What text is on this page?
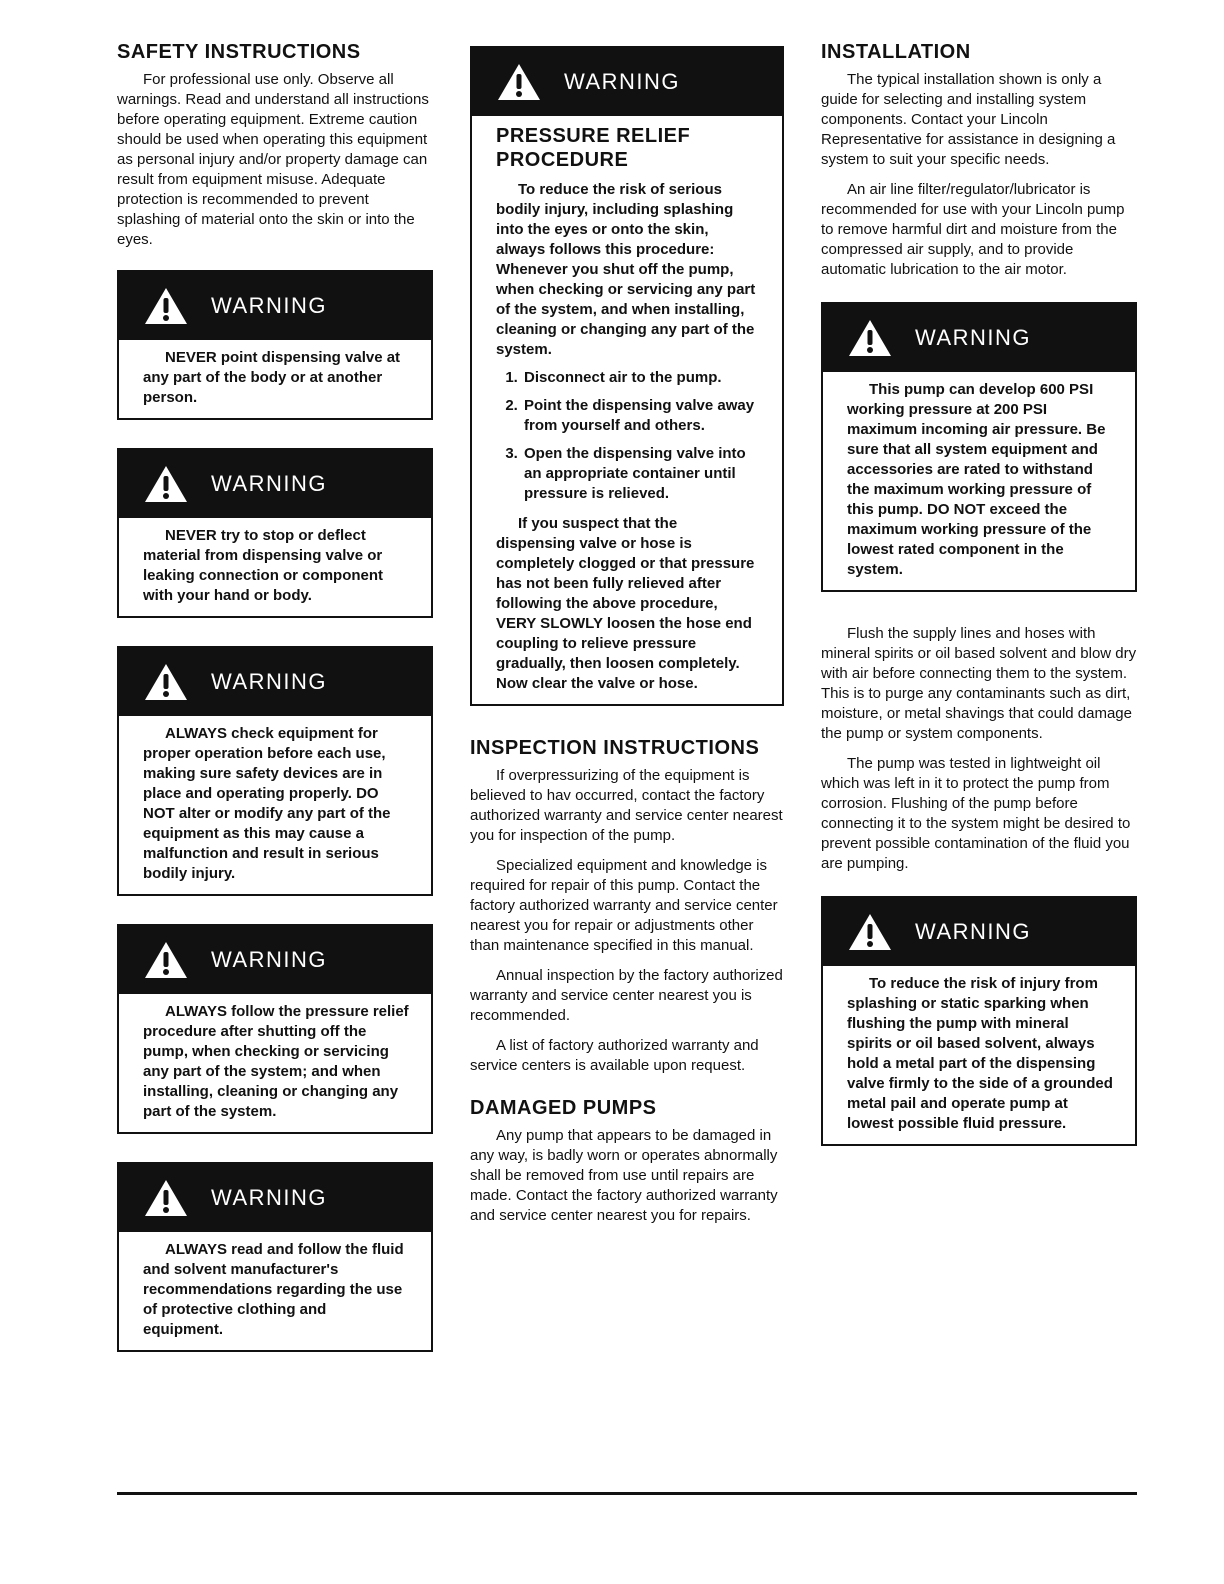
SAFETY INSTRUCTIONS

For professional use only. Observe all warnings. Read and understand all instructions before operating equipment. Extreme caution should be used when operating this equipment as personal injury and/or property damage can result from equipment misuse. Adequate protection is recommended to prevent splashing of material onto the skin or into the eyes.

WARNING

NEVER point dispensing valve at any part of the body or at another person.

WARNING

NEVER try to stop or deflect material from dispensing valve or leaking connection or component with your hand or body.

WARNING

ALWAYS check equipment for proper operation before each use, making sure safety devices are in place and operating properly. DO NOT alter or modify any part of the equipment as this may cause a malfunction and result in serious bodily injury.

WARNING

ALWAYS follow the pressure relief procedure after shutting off the pump, when checking or servicing any part of the system; and when installing, cleaning or changing any part of the system.

WARNING

ALWAYS read and follow the fluid and solvent manufacturer's recommendations regarding the use of protective clothing and equipment.

WARNING

PRESSURE RELIEF PROCEDURE

To reduce the risk of serious bodily injury, including splashing into the eyes or onto the skin, always follows this procedure: Whenever you shut off the pump, when checking or servicing any part of the system, and when installing, cleaning or changing any part of the system.

1. Disconnect air to the pump.
2. Point the dispensing valve away from yourself and others.
3. Open the dispensing valve into an appropriate container until pressure is relieved.

If you suspect that the dispensing valve or hose is completely clogged or that pressure has not been fully relieved after following the above procedure, VERY SLOWLY loosen the hose end coupling to relieve pressure gradually, then loosen completely. Now clear the valve or hose.

INSPECTION INSTRUCTIONS

If overpressurizing of the equipment is believed to hav occurred, contact the factory authorized warranty and service center nearest you for inspection of the pump.

Specialized equipment and knowledge is required for repair of this pump. Contact the factory authorized warranty and service center nearest you for repair or adjustments other than maintenance specified in this manual.

Annual inspection by the factory authorized warranty and service center nearest you is recommended.

A list of factory authorized warranty and service centers is available upon request.

DAMAGED PUMPS

Any pump that appears to be damaged in any way, is badly worn or operates abnormally shall be removed from use until repairs are made. Contact the factory authorized warranty and service center nearest you for repairs.

INSTALLATION

The typical installation shown is only a guide for selecting and installing system components. Contact your Lincoln Representative for assistance in designing a system to suit your specific needs.

An air line filter/regulator/lubricator is recommended for use with your Lincoln pump to remove harmful dirt and moisture from the compressed air supply, and to provide automatic lubrication to the air motor.

WARNING

This pump can develop 600 PSI working pressure at 200 PSI maximum incoming air pressure. Be sure that all system equipment and accessories are rated to withstand the maximum working pressure of this pump. DO NOT exceed the maximum working pressure of the lowest rated component in the system.

Flush the supply lines and hoses with mineral spirits or oil based solvent and blow dry with air before connecting them to the system. This is to purge any contaminants such as dirt, moisture, or metal shavings that could damage the pump or system components.

The pump was tested in lightweight oil which was left in it to protect the pump from corrosion. Flushing of the pump before connecting it to the system might be desired to prevent possible contamination of the fluid you are pumping.

WARNING

To reduce the risk of injury from splashing or static sparking when flushing the pump with mineral spirits or oil based solvent, always hold a metal part of the dispensing valve firmly to the side of a grounded metal pail and operate pump at lowest possible fluid pressure.
